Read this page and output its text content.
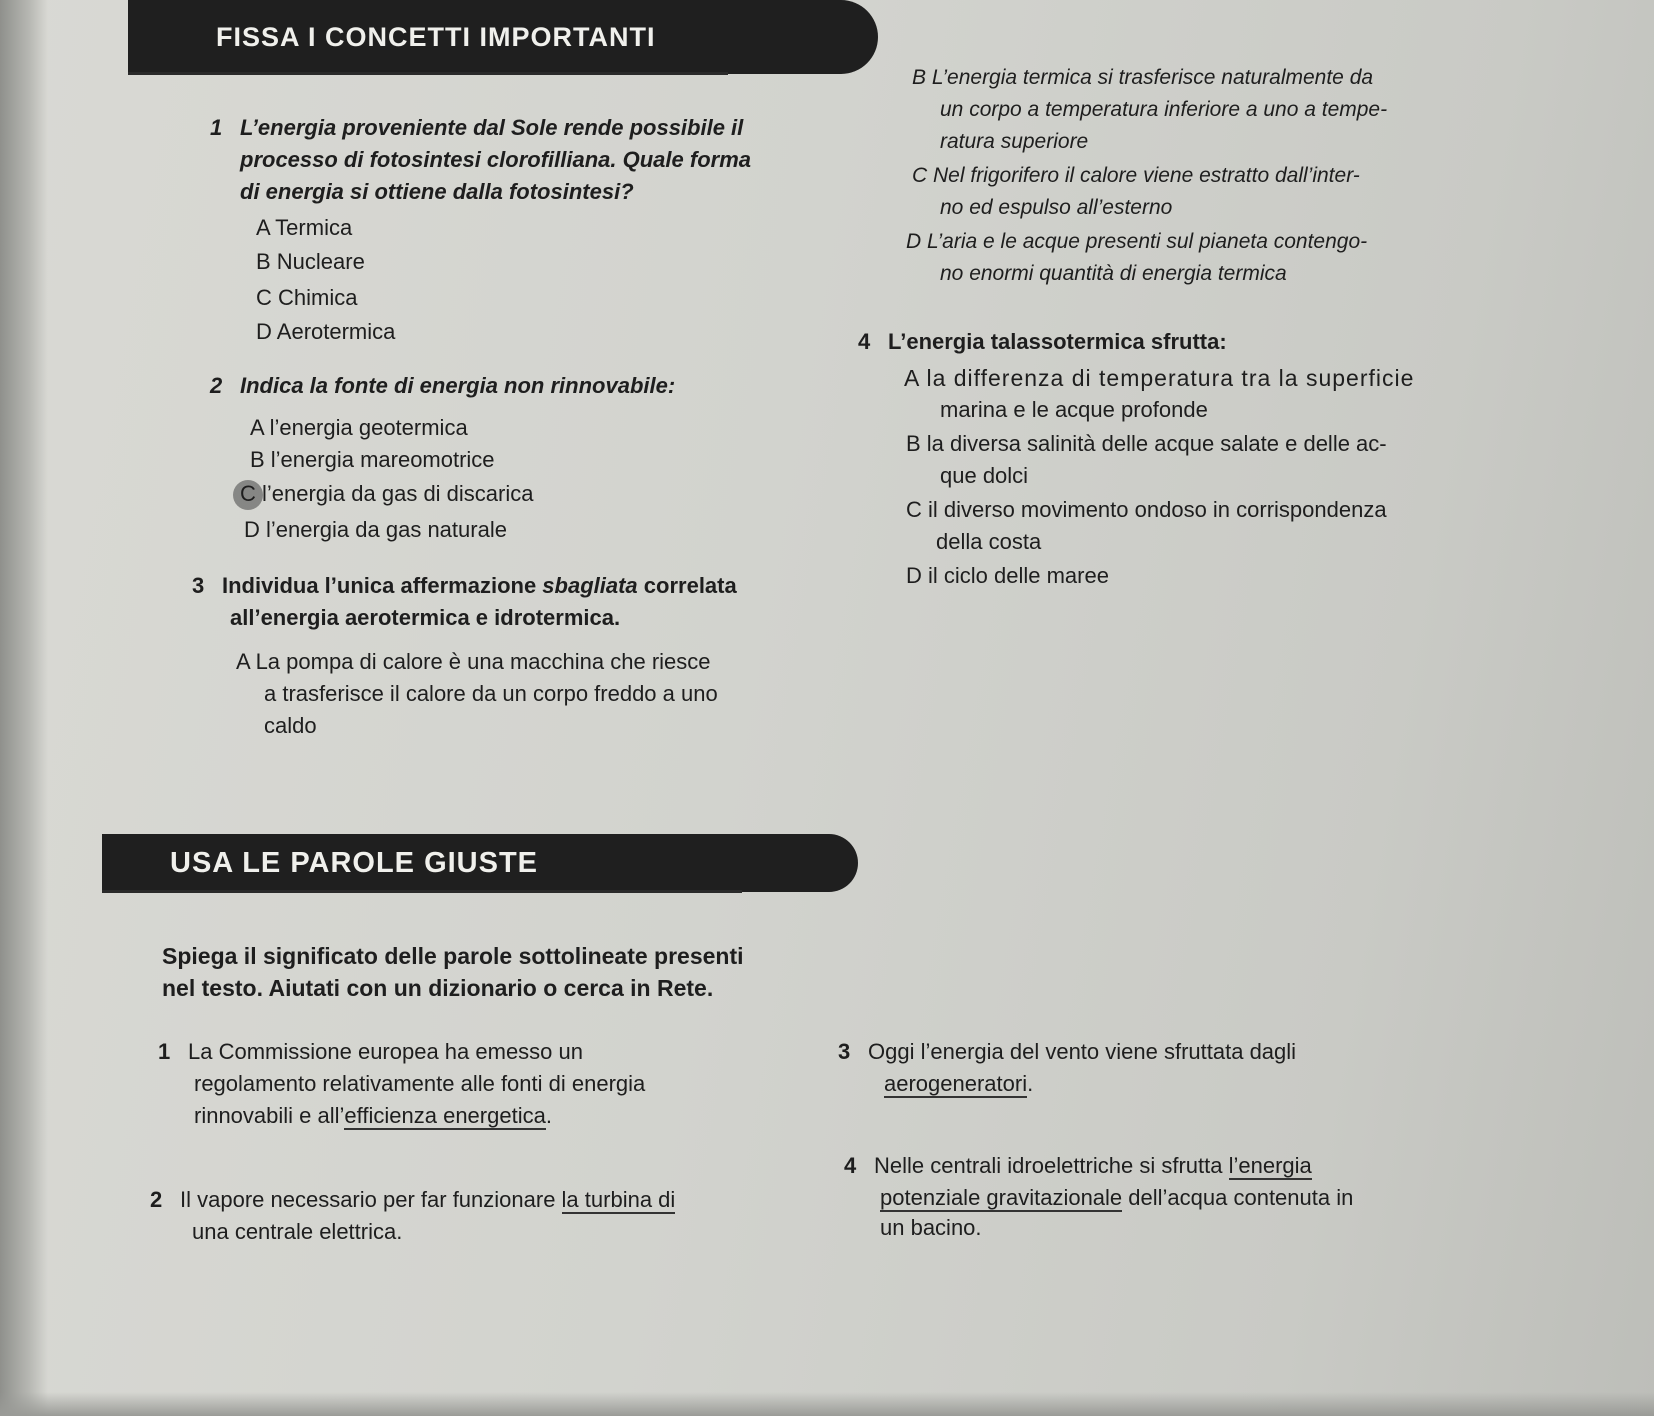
FISSA I CONCETTI IMPORTANTI
1 L’energia proveniente dal Sole rende possibile il
processo di fotosintesi clorofilliana. Quale forma
di energia si ottiene dalla fotosintesi?
A Termica
B Nucleare
C Chimica
D Aerotermica
2 Indica la fonte di energia non rinnovabile:
A l’energia geotermica
B l’energia mareomotrice
C l’energia da gas di discarica
D l’energia da gas naturale
3 Individua l’unica affermazione sbagliata correlata
all’energia aerotermica e idrotermica.
A La pompa di calore è una macchina che riesce
a trasferisce il calore da un corpo freddo a uno
caldo
B L’energia termica si trasferisce naturalmente da
un corpo a temperatura inferiore a uno a tempe-
ratura superiore
C Nel frigorifero il calore viene estratto dall’inter-
no ed espulso all’esterno
D L’aria e le acque presenti sul pianeta contengo-
no enormi quantità di energia termica
4 L’energia talassotermica sfrutta:
A la differenza di temperatura tra la superficie
marina e le acque profonde
B la diversa salinità delle acque salate e delle ac-
que dolci
C il diverso movimento ondoso in corrispondenza
della costa
D il ciclo delle maree
USA LE PAROLE GIUSTE
Spiega il significato delle parole sottolineate presenti
nel testo. Aiutati con un dizionario o cerca in Rete.
1 La Commissione europea ha emesso un
regolamento relativamente alle fonti di energia
rinnovabili e all’efficienza energetica.
2 Il vapore necessario per far funzionare la turbina di
una centrale elettrica.
3 Oggi l’energia del vento viene sfruttata dagli
aerogeneratori.
4 Nelle centrali idroelettriche si sfrutta l’energia
potenziale gravitazionale dell’acqua contenuta in
un bacino.
